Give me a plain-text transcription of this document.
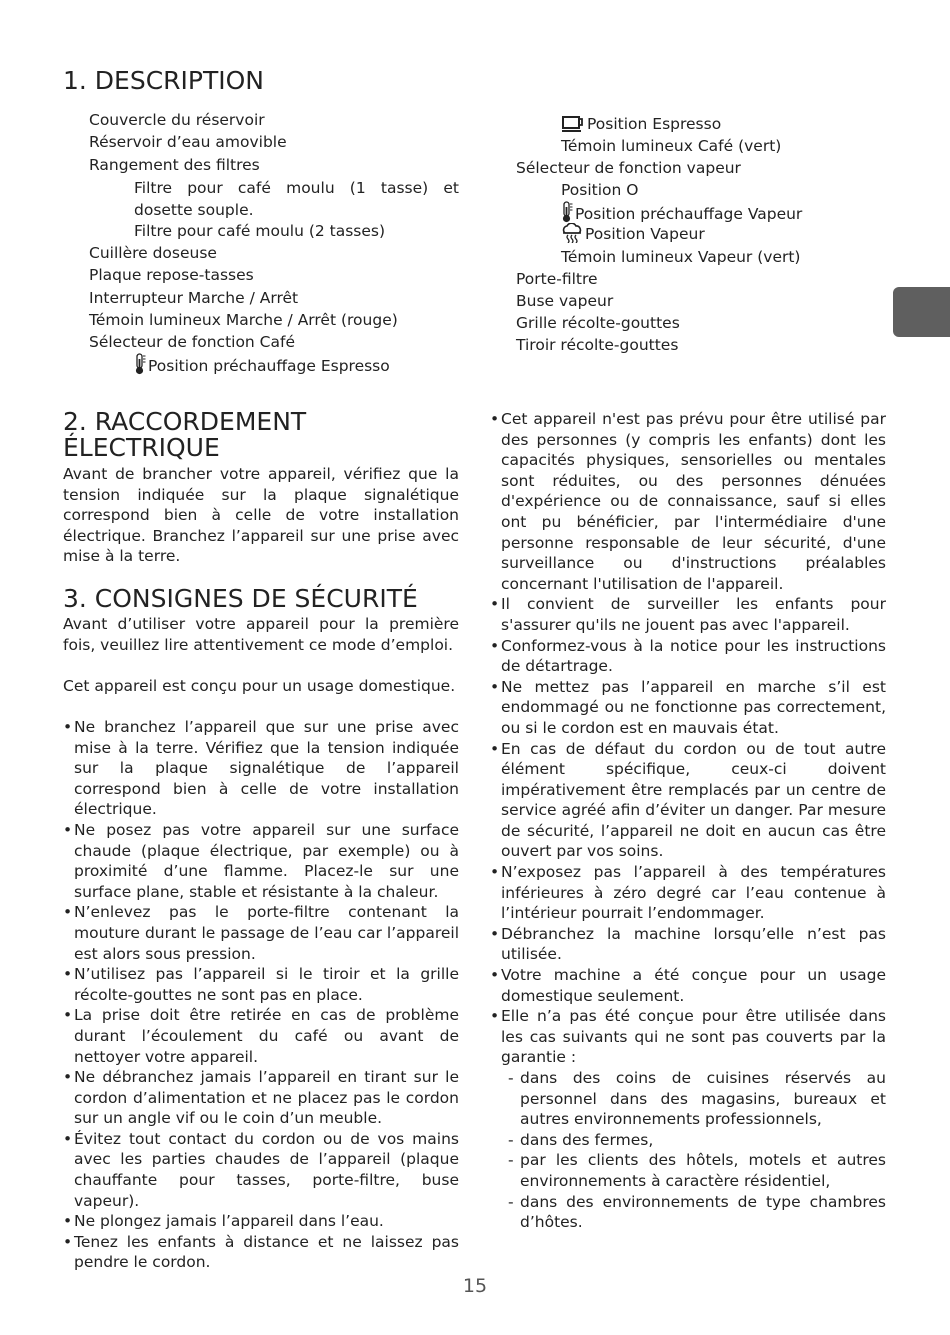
1. DESCRIPTION
Couvercle du réservoir
Réservoir d’eau amovible
Rangement des filtres
Filtre pour café moulu (1 tasse) et dosette souple.
Filtre pour café moulu (2 tasses)
Cuillère doseuse
Plaque repose-tasses
Interrupteur Marche / Arrêt
Témoin lumineux Marche / Arrêt (rouge)
Sélecteur de fonction Café
Position préchauffage Espresso
Position Espresso
Témoin lumineux Café (vert)
Sélecteur de fonction vapeur
Position O
Position préchauffage Vapeur
Position Vapeur
Témoin lumineux Vapeur (vert)
Porte-filtre
Buse vapeur
Grille récolte-gouttes
Tiroir récolte-gouttes
2. RACCORDEMENT
ÉLECTRIQUE
Avant de brancher votre appareil, vérifiez que la tension indiquée sur la plaque signalétique correspond bien à celle de votre installation électrique. Branchez l’appareil sur une prise avec mise à la terre.
3. CONSIGNES DE SÉCURITÉ
Avant d’utiliser votre appareil pour la première fois, veuillez lire attentivement ce mode d’emploi.
Cet appareil est conçu pour un usage domestique.
• Ne branchez l’appareil que sur une prise avec mise à la terre. Vérifiez que la tension indiquée sur la plaque signalétique de l’appareil correspond bien à celle de votre installation électrique.
• Ne posez pas votre appareil sur une surface chaude (plaque électrique, par exemple) ou à proximité d’une flamme. Placez-le sur une surface plane, stable et résistante à la chaleur.
• N’enlevez pas le porte-filtre contenant la mouture durant le passage de l’eau car l’appareil est alors sous pression.
• N’utilisez pas l’appareil si le tiroir et la grille récolte-gouttes ne sont pas en place.
• La prise doit être retirée en cas de problème durant l’écoulement du café ou avant de nettoyer votre appareil.
• Ne débranchez jamais l’appareil en tirant sur le cordon d’alimentation et ne placez pas le cordon sur un angle vif ou le coin d’un meuble.
• Évitez tout contact du cordon ou de vos mains avec les parties chaudes de l’appareil (plaque chauffante pour tasses, porte-filtre, buse vapeur).
• Ne plongez jamais l’appareil dans l’eau.
• Tenez les enfants à distance et ne laissez pas pendre le cordon.
• Cet appareil n'est pas prévu pour être utilisé par des personnes (y compris les enfants) dont les capacités physiques, sensorielles ou mentales sont réduites, ou des personnes dénuées d'expérience ou de connaissance, sauf si elles ont pu bénéficier, par l'intermédiaire d'une personne responsable de leur sécurité, d'une surveillance ou d'instructions préalables concernant l'utilisation de l'appareil.
• Il convient de surveiller les enfants pour s'assurer qu'ils ne jouent pas avec l'appareil.
• Conformez-vous à la notice pour les instructions de détartrage.
• Ne mettez pas l’appareil en marche s’il est endommagé ou ne fonctionne pas correctement, ou si le cordon est en mauvais état.
• En cas de défaut du cordon ou de tout autre élément spécifique, ceux-ci doivent impérativement être remplacés par un centre de service agréé afin d’éviter un danger. Par mesure de sécurité, l’appareil ne doit en aucun cas être ouvert par vos soins.
• N’exposez pas l’appareil à des températures inférieures à zéro degré car l’eau contenue à l’intérieur pourrait l’endommager.
• Débranchez la machine lorsqu’elle n’est pas utilisée.
• Votre machine a été conçue pour un usage domestique seulement.
• Elle n’a pas été conçue pour être utilisée dans les cas suivants qui ne sont pas couverts par la garantie :
- dans des coins de cuisines réservés au personnel dans des magasins, bureaux et autres environnements professionnels,
- dans des fermes,
- par les clients des hôtels, motels et autres environnements à caractère résidentiel,
- dans des environnements de type chambres d’hôtes.
15
